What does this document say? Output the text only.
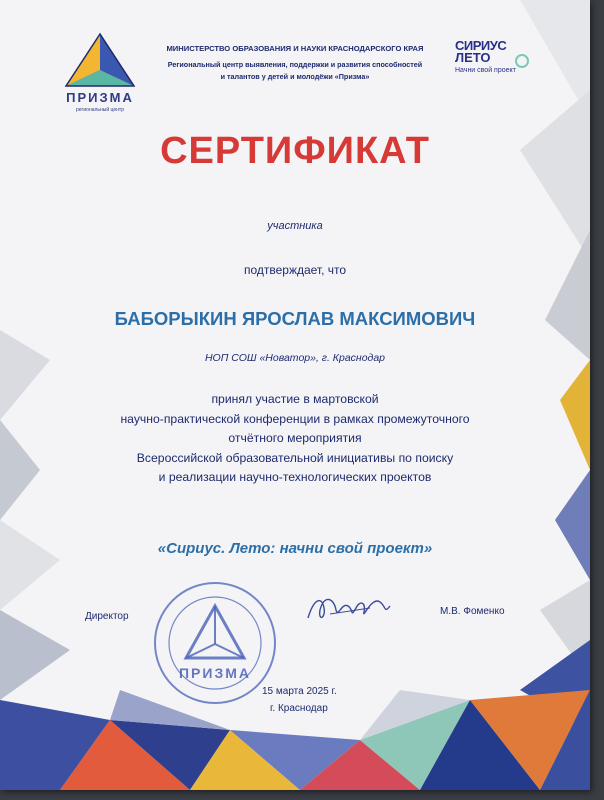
ПРИЗМА
региональный центр
МИНИСТЕРСТВО ОБРАЗОВАНИЯ И НАУКИ КРАСНОДАРСКОГО КРАЯ
Региональный центр выявления, поддержки и развития способностей
и талантов у детей и молодёжи «Призма»
СИРИУС
ЛЕТО
Начни свой проект
СЕРТИФИКАТ
участника
подтверждает, что
БАБОРЫКИН ЯРОСЛАВ МАКСИМОВИЧ
НОП СОШ «Новатор», г. Краснодар
принял участие в мартовской
научно-практической конференции в рамках промежуточного
отчётного мероприятия
Всероссийской образовательной инициативы по поиску
и реализации научно-технологических проектов
«Сириус. Лето: начни свой проект»
Директор	М.В. Фоменко
ПРИЗМА
15 марта 2025 г.
г. Краснодар
